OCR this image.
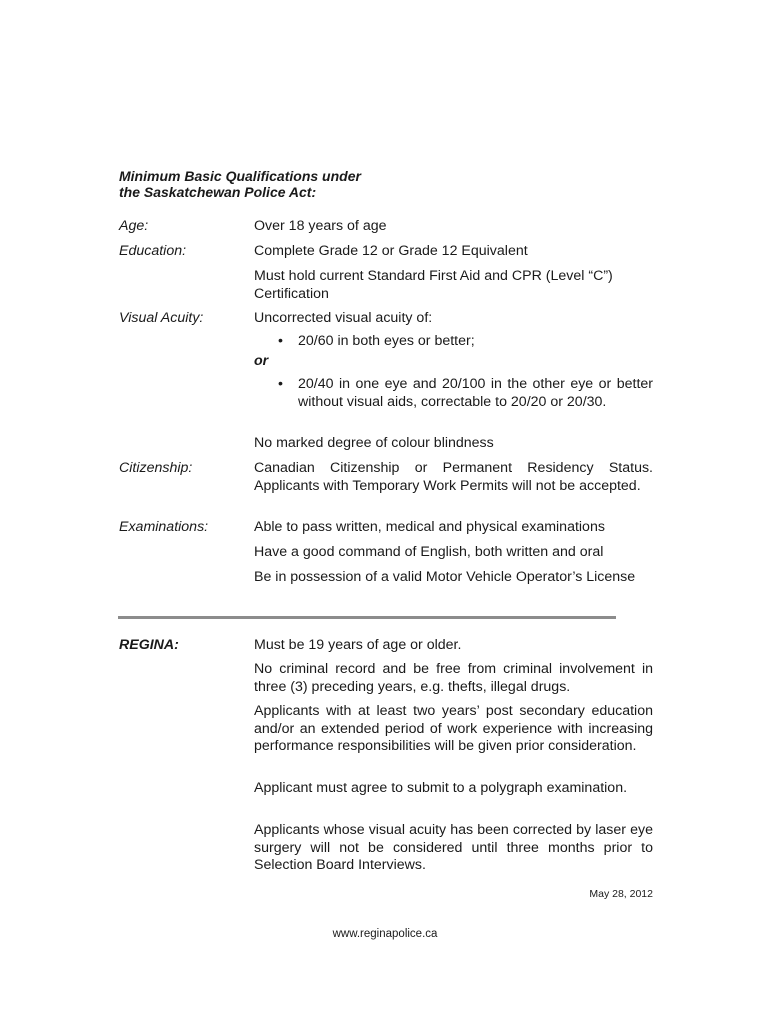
Minimum Basic Qualifications under
the Saskatchewan Police Act:
Age:	Over 18 years of age
Education:	Complete Grade 12 or Grade 12 Equivalent
Must hold current Standard First Aid and CPR (Level “C”) Certification
Visual Acuity:	Uncorrected visual acuity of:
• 20/60 in both eyes or better;
or
• 20/40 in one eye and 20/100 in the other eye or better without visual aids, correctable to 20/20 or 20/30.
No marked degree of colour blindness
Citizenship:	Canadian Citizenship or Permanent Residency Status. Applicants with Temporary Work Permits will not be accepted.
Examinations:	Able to pass written, medical and physical examinations
Have a good command of English, both written and oral
Be in possession of a valid Motor Vehicle Operator’s License
REGINA:	Must be 19 years of age or older.
No criminal record and be free from criminal involvement in three (3) preceding years, e.g. thefts, illegal drugs.
Applicants with at least two years’ post secondary education and/or an extended period of work experience with increasing performance responsibilities will be given prior consideration.
Applicant must agree to submit to a polygraph examination.
Applicants whose visual acuity has been corrected by laser eye surgery will not be considered until three months prior to Selection Board Interviews.
May 28, 2012
www.reginapolice.ca
